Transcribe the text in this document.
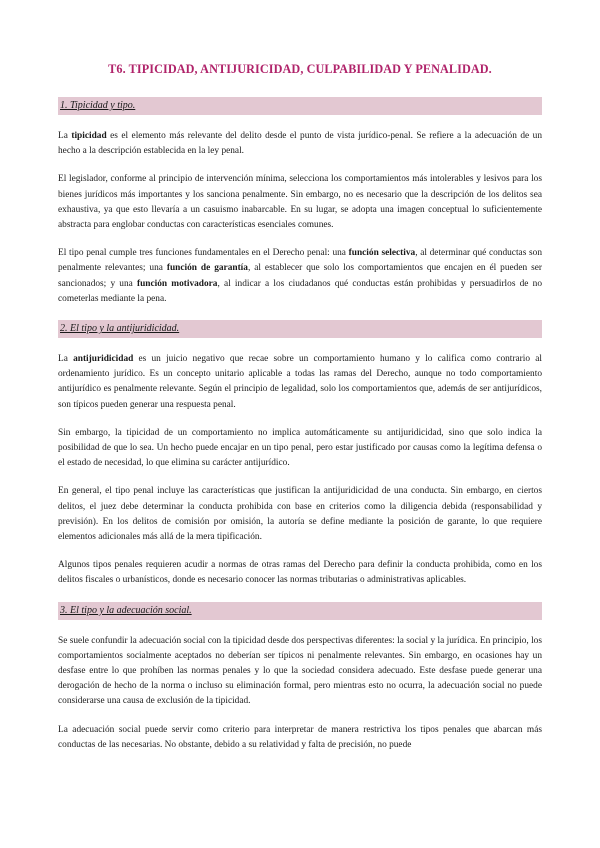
T6. TIPICIDAD, ANTIJURICIDAD, CULPABILIDAD Y PENALIDAD.
1. Tipicidad y tipo.

La tipicidad es el elemento más relevante del delito desde el punto de vista jurídico-penal. Se refiere a la adecuación de un hecho a la descripción establecida en la ley penal.

El legislador, conforme al principio de intervención mínima, selecciona los comportamientos más intolerables y lesivos para los bienes jurídicos más importantes y los sanciona penalmente. Sin embargo, no es necesario que la descripción de los delitos sea exhaustiva, ya que esto llevaría a un casuismo inabarcable. En su lugar, se adopta una imagen conceptual lo suficientemente abstracta para englobar conductas con características esenciales comunes.

El tipo penal cumple tres funciones fundamentales en el Derecho penal: una función selectiva, al determinar qué conductas son penalmente relevantes; una función de garantía, al establecer que solo los comportamientos que encajen en él pueden ser sancionados; y una función motivadora, al indicar a los ciudadanos qué conductas están prohibidas y persuadirlos de no cometerlas mediante la pena.

2. El tipo y la antijuridicidad.

La antijuridicidad es un juicio negativo que recae sobre un comportamiento humano y lo califica como contrario al ordenamiento jurídico. Es un concepto unitario aplicable a todas las ramas del Derecho, aunque no todo comportamiento antijurídico es penalmente relevante. Según el principio de legalidad, solo los comportamientos que, además de ser antijurídicos, son típicos pueden generar una respuesta penal.

Sin embargo, la tipicidad de un comportamiento no implica automáticamente su antijuridicidad, sino que solo indica la posibilidad de que lo sea. Un hecho puede encajar en un tipo penal, pero estar justificado por causas como la legítima defensa o el estado de necesidad, lo que elimina su carácter antijurídico.

En general, el tipo penal incluye las características que justifican la antijuridicidad de una conducta. Sin embargo, en ciertos delitos, el juez debe determinar la conducta prohibida con base en criterios como la diligencia debida (responsabilidad y previsión). En los delitos de comisión por omisión, la autoría se define mediante la posición de garante, lo que requiere elementos adicionales más allá de la mera tipificación.

Algunos tipos penales requieren acudir a normas de otras ramas del Derecho para definir la conducta prohibida, como en los delitos fiscales o urbanísticos, donde es necesario conocer las normas tributarias o administrativas aplicables.

3. El tipo y la adecuación social.

Se suele confundir la adecuación social con la tipicidad desde dos perspectivas diferentes: la social y la jurídica. En principio, los comportamientos socialmente aceptados no deberían ser típicos ni penalmente relevantes. Sin embargo, en ocasiones hay un desfase entre lo que prohíben las normas penales y lo que la sociedad considera adecuado. Este desfase puede generar una derogación de hecho de la norma o incluso su eliminación formal, pero mientras esto no ocurra, la adecuación social no puede considerarse una causa de exclusión de la tipicidad.

La adecuación social puede servir como criterio para interpretar de manera restrictiva los tipos penales que abarcan más conductas de las necesarias. No obstante, debido a su relatividad y falta de precisión, no puede
